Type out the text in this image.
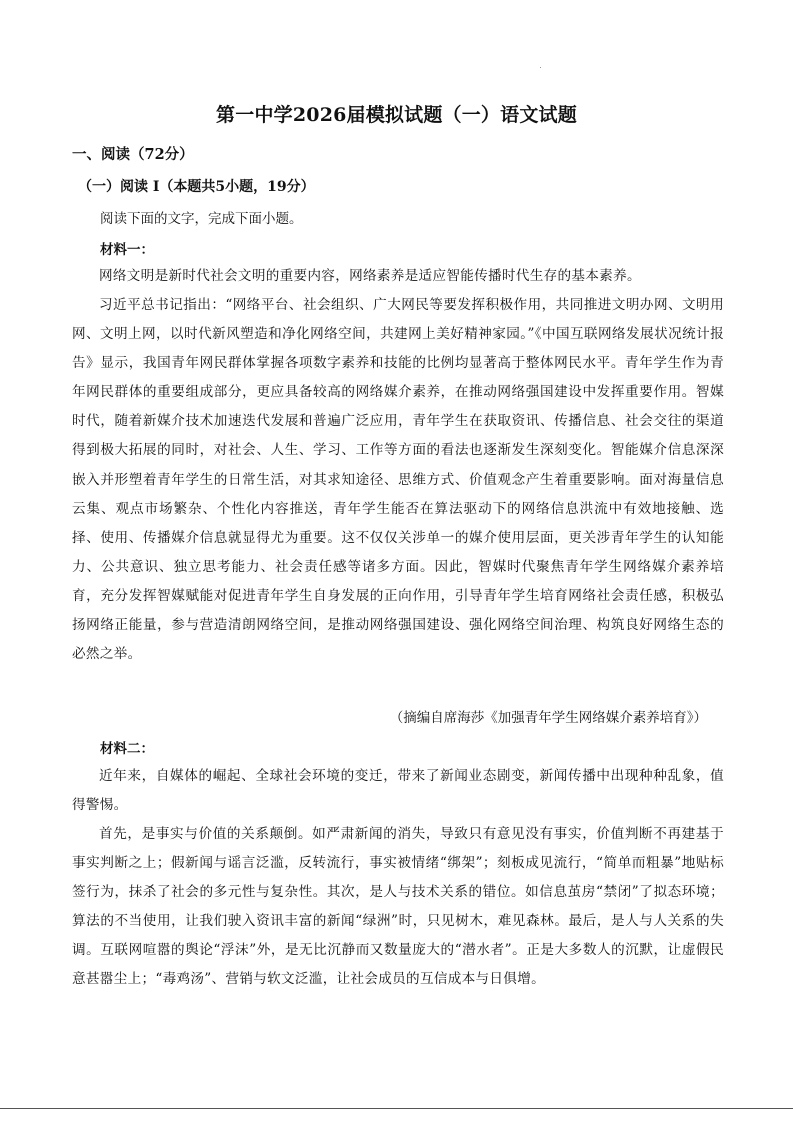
第一中学2026届模拟试题（一）语文试题
一、阅读（72分）
（一）阅读 I（本题共5小题，19分）
阅读下面的文字，完成下面小题。
材料一：

网络文明是新时代社会文明的重要内容，网络素养是适应智能传播时代生存的基本素养。

习近平总书记指出：“网络平台、社会组织、广大网民等要发挥积极作用，共同推进文明办网、文明用网、文明上网，以时代新风塑造和净化网络空间，共建网上美好精神家园。”《中国互联网络发展状况统计报告》显示，我国青年网民群体掌握各项数字素养和技能的比例均显著高于整体网民水平。青年学生作为青年网民群体的重要组成部分，更应具备较高的网络媒介素养，在推动网络强国建设中发挥重要作用。智媒时代，随着新媒介技术加速迭代发展和普遍广泛应用，青年学生在获取资讯、传播信息、社会交往的渠道得到极大拓展的同时，对社会、人生、学习、工作等方面的看法也逐渐发生深刻变化。智能媒介信息深深嵌入并形塑着青年学生的日常生活，对其求知途径、思维方式、价值观念产生着重要影响。面对海量信息云集、观点市场繁杂、个性化内容推送，青年学生能否在算法驱动下的网络信息洪流中有效地接触、选择、使用、传播媒介信息就显得尤为重要。这不仅仅关涉单一的媒介使用层面，更关涉青年学生的认知能力、公共意识、独立思考能力、社会责任感等诸多方面。因此，智媒时代聚焦青年学生网络媒介素养培育，充分发挥智媒赋能对促进青年学生自身发展的正向作用，引导青年学生培育网络社会责任感，积极弘扬网络正能量，参与营造清朗网络空间，是推动网络强国建设、强化网络空间治理、构筑良好网络生态的必然之举。

（摘编自席海莎《加强青年学生网络媒介素养培育》）
材料二：

近年来，自媒体的崛起、全球社会环境的变迁，带来了新闻业态剧变，新闻传播中出现种种乱象，值得警惕。

首先，是事实与价值的关系颠倒。如严肃新闻的消失，导致只有意见没有事实，价值判断不再建基于事实判断之上；假新闻与谣言泛滥，反转流行，事实被情绪“绑架”；刻板成见流行，“简单而粗暴”地贴标签行为，抹杀了社会的多元性与复杂性。其次，是人与技术关系的错位。如信息茧房“禁闭”了拟态环境；算法的不当使用，让我们驶入资讯丰富的新闻“绿洲”时，只见树木，难见森林。最后，是人与人关系的失调。互联网喧嚣的舆论“浮沫”外，是无比沉静而又数量庞大的“潜水者”。正是大多数人的沉默，让虚假民意甚嚣尘上；“毒鸡汤”、营销与软文泛滥，让社会成员的互信成本与日俱增。
